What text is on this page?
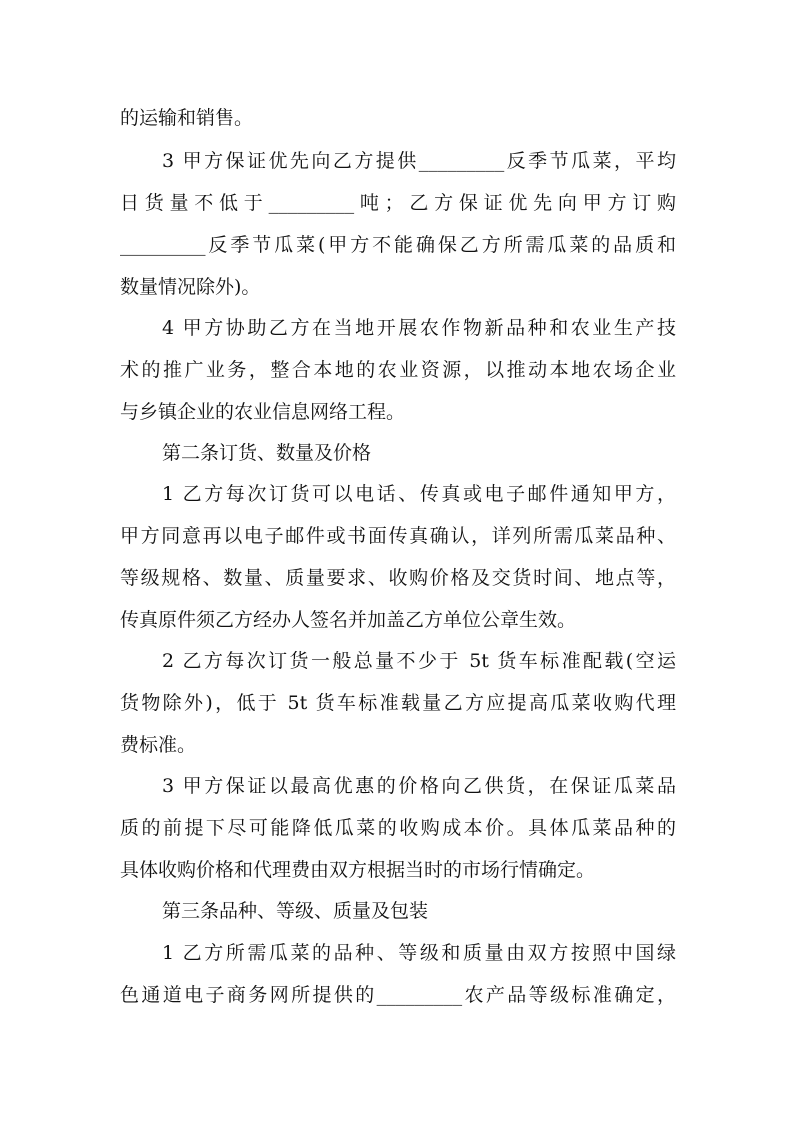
的运输和销售。
3 甲方保证优先向乙方提供_________反季节瓜菜，平均
日货量不低于_________吨；乙方保证优先向甲方订购
_________反季节瓜菜(甲方不能确保乙方所需瓜菜的品质和
数量情况除外)。
4 甲方协助乙方在当地开展农作物新品种和农业生产技
术的推广业务，整合本地的农业资源，以推动本地农场企业
与乡镇企业的农业信息网络工程。
第二条订货、数量及价格
1 乙方每次订货可以电话、传真或电子邮件通知甲方，
甲方同意再以电子邮件或书面传真确认，详列所需瓜菜品种、
等级规格、数量、质量要求、收购价格及交货时间、地点等，
传真原件须乙方经办人签名并加盖乙方单位公章生效。
2 乙方每次订货一般总量不少于 5t 货车标准配载(空运
货物除外)，低于 5t 货车标准载量乙方应提高瓜菜收购代理
费标准。
3 甲方保证以最高优惠的价格向乙供货，在保证瓜菜品
质的前提下尽可能降低瓜菜的收购成本价。具体瓜菜品种的
具体收购价格和代理费由双方根据当时的市场行情确定。
第三条品种、等级、质量及包装
1 乙方所需瓜菜的品种、等级和质量由双方按照中国绿
色通道电子商务网所提供的_________农产品等级标准确定，
